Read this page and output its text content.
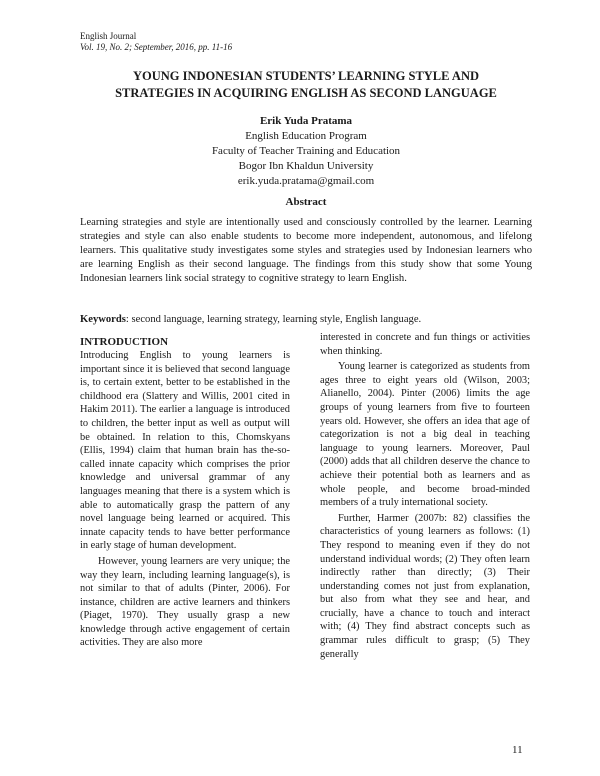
English Journal
Vol. 19, No. 2; September, 2016, pp. 11-16
YOUNG INDONESIAN STUDENTS’ LEARNING STYLE AND
STRATEGIES IN ACQUIRING ENGLISH AS SECOND LANGUAGE
Erik Yuda Pratama
English Education Program
Faculty of Teacher Training and Education
Bogor Ibn Khaldun University
erik.yuda.pratama@gmail.com
Abstract

Learning strategies and style are intentionally used and consciously controlled by the learner. Learning strategies and style can also enable students to become more independent, autonomous, and lifelong learners. This qualitative study investigates some styles and strategies used by Indonesian learners who are learning English as their second language. The findings from this study show that some Young Indonesian learners link social strategy to cognitive strategy to learn English.

Keywords: second language, learning strategy, learning style, English language.

INTRODUCTION

Introducing English to young learners is important since it is believed that second language is, to certain extent, better to be established in the childhood era (Slattery and Willis, 2001 cited in Hakim 2011). The earlier a language is introduced to children, the better input as well as output will be obtained. In relation to this, Chomskyans (Ellis, 1994) claim that human brain has the-so-called innate capacity which comprises the prior knowledge and universal grammar of any languages meaning that there is a system which is able to automatically grasp the pattern of any novel language being learned or acquired. This innate capacity tends to have better performance in early stage of human development.

However, young learners are very unique; the way they learn, including learning language(s), is not similar to that of adults (Pinter, 2006). For instance, children are active learners and thinkers (Piaget, 1970). They usually grasp a new knowledge through active engagement of certain activities. They are also more

interested in concrete and fun things or activities when thinking.

Young learner is categorized as students from ages three to eight years old (Wilson, 2003; Alianello, 2004). Pinter (2006) limits the age groups of young learners from five to fourteen years old. However, she offers an idea that age of categorization is not a big deal in teaching language to young learners. Moreover, Paul (2000) adds that all children deserve the chance to achieve their potential both as learners and as whole people, and become broad-minded members of a truly international society.

Further, Harmer (2007b: 82) classifies the characteristics of young learners as follows: (1) They respond to meaning even if they do not understand individual words; (2) They often learn indirectly rather than directly; (3) Their understanding comes not just from explanation, but also from what they see and hear, and crucially, have a chance to touch and interact with; (4) They find abstract concepts such as grammar rules difficult to grasp; (5) They generally

11
